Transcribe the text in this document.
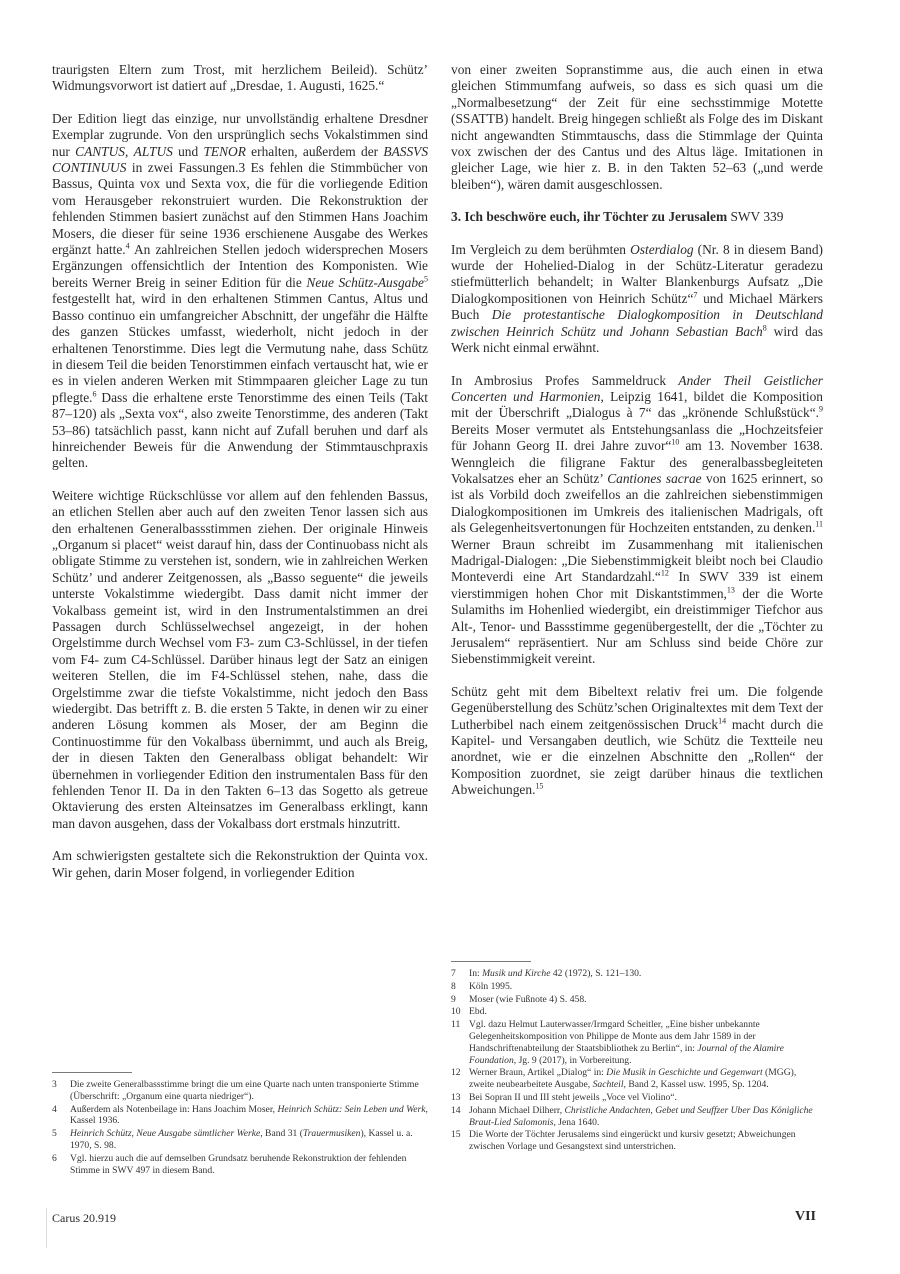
traurigsten Eltern zum Trost, mit herzlichem Beileid). Schütz’ Widmungsvorwort ist datiert auf „Dresdae, 1. Augusti, 1625.“

Der Edition liegt das einzige, nur unvollständig erhaltene Dresdner Exemplar zugrunde. Von den ursprünglich sechs Vokalstimmen sind nur CANTUS, ALTUS und TENOR erhalten, außerdem der BASSVS CONTINUUS in zwei Fassungen.3 Es fehlen die Stimmbücher von Bassus, Quinta vox und Sexta vox, die für die vorliegende Edition vom Herausgeber rekonstruiert wurden. Die Rekonstruktion der fehlenden Stimmen basiert zunächst auf den Stimmen Hans Joachim Mosers, die dieser für seine 1936 erschienene Ausgabe des Werkes ergänzt hatte.$^4$ An zahlreichen Stellen jedoch widersprechen Mosers Ergänzungen offensichtlich der Intention des Komponisten. Wie bereits Werner Breig in seiner Edition für die Neue Schütz-Ausgabe$^5$ festgestellt hat, wird in den erhaltenen Stimmen Cantus, Altus und Basso continuo ein umfangreicher Abschnitt, der ungefähr die Hälfte des ganzen Stückes umfasst, wiederholt, nicht jedoch in der erhaltenen Tenorstimme. Dies legt die Vermutung nahe, dass Schütz in diesem Teil die beiden Tenorstimmen einfach vertauscht hat, wie er es in vielen anderen Werken mit Stimmpaaren gleicher Lage zu tun pflegte.$^6$ Dass die erhaltene erste Tenorstimme des einen Teils (Takt 87–120) als „Sexta vox“, also zweite Tenorstimme, des anderen (Takt 53–86) tatsächlich passt, kann nicht auf Zufall beruhen und darf als hinreichender Beweis für die Anwendung der Stimmtauschpraxis gelten.

Weitere wichtige Rückschlüsse vor allem auf den fehlenden Bassus, an etlichen Stellen aber auch auf den zweiten Tenor lassen sich aus den erhaltenen Generalbassstimmen ziehen. Der originale Hinweis „Organum si placet“ weist darauf hin, dass der Continuobass nicht als obligate Stimme zu verstehen ist, sondern, wie in zahlreichen Werken Schütz’ und anderer Zeitgenossen, als „Basso seguente“ die jeweils unterste Vokalstimme wiedergibt. Dass damit nicht immer der Vokalbass gemeint ist, wird in den Instrumentalstimmen an drei Passagen durch Schlüsselwechsel angezeigt, in der hohen Orgelstimme durch Wechsel vom F3- zum C3-Schlüssel, in der tiefen vom F4- zum C4-Schlüssel. Darüber hinaus legt der Satz an einigen weiteren Stellen, die im F4-Schlüssel stehen, nahe, dass die Orgelstimme zwar die tiefste Vokalstimme, nicht jedoch den Bass wiedergibt. Das betrifft z. B. die ersten 5 Takte, in denen wir zu einer anderen Lösung kommen als Moser, der am Beginn die Continuostimme für den Vokalbass übernimmt, und auch als Breig, der in diesen Takten den Generalbass obligat behandelt: Wir übernehmen in vorliegender Edition den instrumentalen Bass für den fehlenden Tenor II. Da in den Takten 6–13 das Sogetto als getreue Oktavierung des ersten Alteinsatzes im Generalbass erklingt, kann man davon ausgehen, dass der Vokalbass dort erstmals hinzutritt.

Am schwierigsten gestaltete sich die Rekonstruktion der Quinta vox. Wir gehen, darin Moser folgend, in vorliegender Edition

3	Die zweite Generalbassstimme bringt die um eine Quarte nach unten transponierte Stimme (Überschrift: „Organum eine quarta niedriger“).
4	Außerdem als Notenbeilage in: Hans Joachim Moser, Heinrich Schütz: Sein Leben und Werk, Kassel 1936.
5	Heinrich Schütz, Neue Ausgabe sämtlicher Werke, Band 31 (Trauermusiken), Kassel u. a. 1970, S. 98.
6	Vgl. hierzu auch die auf demselben Grundsatz beruhende Rekonstruktion der fehlenden Stimme in SWV 497 in diesem Band.

von einer zweiten Sopranstimme aus, die auch einen in etwa gleichen Stimmumfang aufweis, so dass es sich quasi um die „Normalbesetzung“ der Zeit für eine sechsstimmige Motette (SSATTB) handelt. Breig hingegen schließt als Folge des im Diskant nicht angewandten Stimmtauschs, dass die Stimmlage der Quinta vox zwischen der des Cantus und des Altus läge. Imitationen in gleicher Lage, wie hier z. B. in den Takten 52–63 („und werde bleiben“), wären damit ausgeschlossen.

3. Ich beschwöre euch, ihr Töchter zu Jerusalem SWV 339

Im Vergleich zu dem berühmten Osterdialog (Nr. 8 in diesem Band) wurde der Hohelied-Dialog in der Schütz-Literatur geradezu stiefmütterlich behandelt; in Walter Blankenburgs Aufsatz „Die Dialogkompositionen von Heinrich Schütz“$^7$ und Michael Märkers Buch Die protestantische Dialogkomposition in Deutschland zwischen Heinrich Schütz und Johann Sebastian Bach$^8$ wird das Werk nicht einmal erwähnt.

In Ambrosius Profes Sammeldruck Ander Theil Geistlicher Concerten und Harmonien, Leipzig 1641, bildet die Komposition mit der Überschrift „Dialogus à 7“ das „krönende Schlußstück“.$^9$ Bereits Moser vermutet als Entstehungsanlass die „Hochzeitsfeier für Johann Georg II. drei Jahre zuvor“$^{10}$ am 13. November 1638. Wenngleich die filigrane Faktur des generalbassbegleiteten Vokalsatzes eher an Schütz’ Cantiones sacrae von 1625 erinnert, so ist als Vorbild doch zweifellos an die zahlreichen siebenstimmigen Dialogkompositionen im Umkreis des italienischen Madrigals, oft als Gelegenheitsvertonungen für Hochzeiten entstanden, zu denken.$^{11}$ Werner Braun schreibt im Zusammenhang mit italienischen Madrigal-Dialogen: „Die Siebenstimmigkeit bleibt noch bei Claudio Monteverdi eine Art Standardzahl.“$^{12}$ In SWV 339 ist einem vierstimmigen hohen Chor mit Diskantstimmen,$^{13}$ der die Worte Sulamiths im Hohenlied wiedergibt, ein dreistimmiger Tiefchor aus Alt-, Tenor- und Bassstimme gegenübergestellt, der die „Töchter zu Jerusalem“ repräsentiert. Nur am Schluss sind beide Chöre zur Siebenstimmigkeit vereint.

Schütz geht mit dem Bibeltext relativ frei um. Die folgende Gegenüberstellung des Schütz’schen Originaltextes mit dem Text der Lutherbibel nach einem zeitgenössischen Druck$^{14}$ macht durch die Kapitel- und Versangaben deutlich, wie Schütz die Textteile neu anordnet, wie er die einzelnen Abschnitte den „Rollen“ der Komposition zuordnet, sie zeigt darüber hinaus die textlichen Abweichungen.$^{15}$

7	In: Musik und Kirche 42 (1972), S. 121–130.
8	Köln 1995.
9	Moser (wie Fußnote 4) S. 458.
10 Ebd.
11 Vgl. dazu Helmut Lauterwasser/Irmgard Scheitler, „Eine bisher unbekannte Gelegenheitskomposition von Philippe de Monte aus dem Jahr 1589 in der Handschriftenabteilung der Staatsbibliothek zu Berlin“, in: Journal of the Alamire Foundation, Jg. 9 (2017), in Vorbereitung.
12 Werner Braun, Artikel „Dialog“ in: Die Musik in Geschichte und Gegenwart (MGG), zweite neubearbeitete Ausgabe, Sachteil, Band 2, Kassel usw. 1995, Sp. 1204.
13 Bei Sopran II und III steht jeweils „Voce vel Violino“.
14 Johann Michael Dilherr, Christliche Andachten, Gebet und Seuffzer Uber Das Königliche Braut-Lied Salomonis, Jena 1640.
15 Die Worte der Töchter Jerusalems sind eingerückt und kursiv gesetzt; Abweichungen zwischen Vorlage und Gesangstext sind unterstrichen.
Carus 20.919	VII
